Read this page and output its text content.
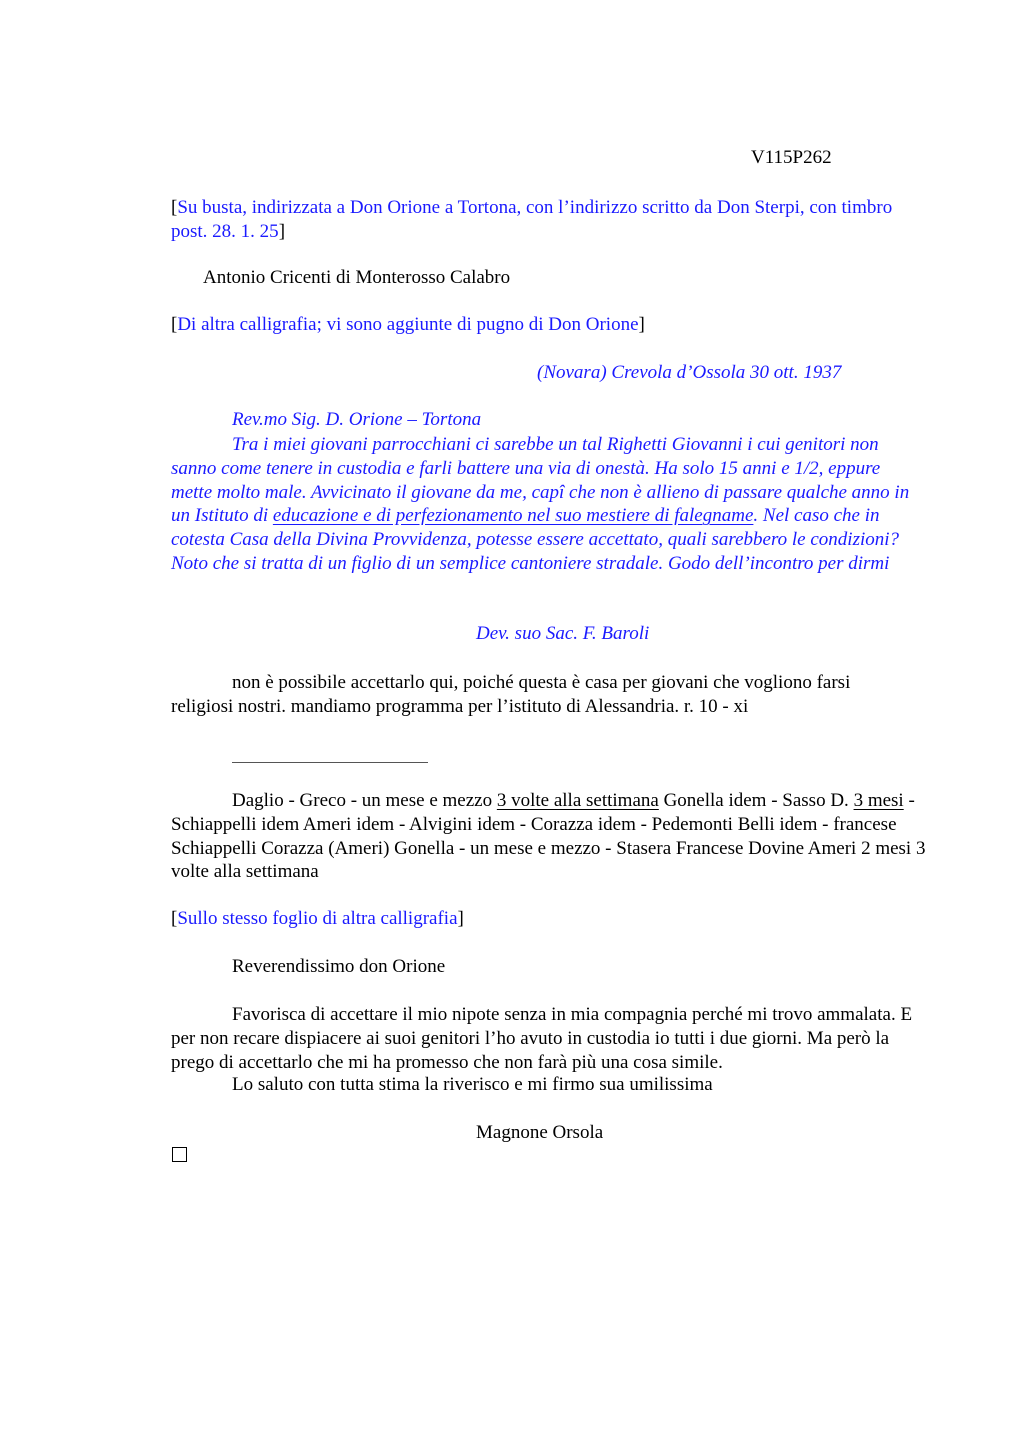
V115P262
[Su busta, indirizzata a Don Orione a Tortona, con l’indirizzo scritto da Don Sterpi, con timbro post. 28. 1. 25]
Antonio Cricenti di Monterosso Calabro
[Di altra calligrafia; vi sono aggiunte di pugno di Don Orione]
(Novara) Crevola d’Ossola 30 ott. 1937
Rev.mo Sig. D. Orione – Tortona
Tra i miei giovani parrocchiani ci sarebbe un tal Righetti Giovanni i cui genitori non sanno come tenere in custodia e farli battere una via di onestà. Ha solo 15 anni e 1/2, eppure mette molto male. Avvicinato il giovane da me, capî che non è allieno di passare qualche anno in un Istituto di educazione e di perfezionamento nel suo mestiere di falegname. Nel caso che in cotesta Casa della Divina Provvidenza, potesse essere accettato, quali sarebbero le condizioni? Noto che si tratta di un figlio di un semplice cantoniere stradale. Godo dell’incontro per dirmi
Dev. suo Sac. F. Baroli
non è possibile accettarlo qui, poiché questa è casa per giovani che vogliono farsi religiosi nostri. mandiamo programma per l’istituto di Alessandria. r. 10 - xi
Daglio - Greco - un mese e mezzo 3 volte alla settimana Gonella idem - Sasso D. 3 mesi - Schiappelli idem Ameri idem - Alvigini idem - Corazza idem - Pedemonti Belli idem - francese Schiappelli Corazza (Ameri) Gonella - un mese e mezzo - Stasera Francese Dovine Ameri 2 mesi 3 volte alla settimana
[Sullo stesso foglio di altra calligrafia]
Reverendissimo don Orione
Favorisca di accettare il mio nipote senza in mia compagnia perché mi trovo ammalata. E per non recare dispiacere ai suoi genitori l’ho avuto in custodia io tutti i due giorni. Ma però la prego di accettarlo che mi ha promesso che non farà più una cosa simile.
Lo saluto con tutta stima la riverisco e mi firmo sua umilissima
Magnone Orsola
